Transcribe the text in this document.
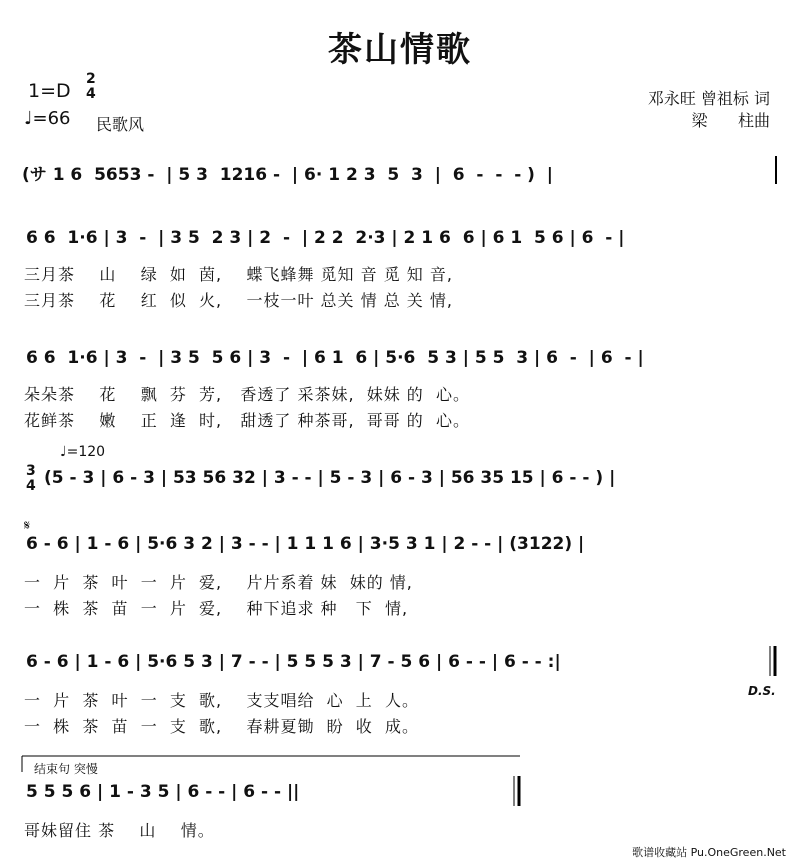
茶山情歌
1=D
2
4
♩=66 民歌风
邓永旺 曾祖标 词
梁      柱曲
(サ 1 6  5653 -  | 5 3  1216 -  | 6· 1 2 3  5  3  |  6  -  -  - )  |
6 6  1·6 | 3  -  | 3 5  2 3 | 2  -  | 2 2  2·3 | 2 1 6  6 | 6 1  5 6 | 6  - |
三月茶    山    绿  如  茵,    蝶飞蜂舞 觅知 音 觅 知 音,
三月茶    花    红  似  火,    一枝一叶 总关 情 总 关 情,
6 6  1·6 | 3  -  | 3 5  5 6 | 3  -  | 6 1  6 | 5·6  5 3 | 5 5  3 | 6  -  | 6  - |
朵朵茶    花    飘  芬  芳,   香透了 采茶妹,  妹妹 的  心。
花鲜茶    嫩    正  逢  时,   甜透了 种茶哥,  哥哥 的  心。
♩=120
3
4 (5 - 3 | 6 - 3 | 53 56 32 | 3 - - | 5 - 3 | 6 - 3 | 56 35 15 | 6 - - ) |
𝄋
6 - 6 | 1 - 6 | 5·6 3 2 | 3 - - | 1 1 1 6 | 3·5 3 1 | 2 - - | (3122) |
一  片  茶  叶  一  片  爱,    片片系着 妹  妹的 情,
一  株  茶  苗  一  片  爱,    种下追求 种   下  情,
6 - 6 | 1 - 6 | 5·6 5 3 | 7 - - | 5 5 5 3 | 7 - 5 6 | 6 - - | 6 - - :|
一  片  茶  叶  一  支  歌,    支支唱给  心  上  人。
一  株  茶  苗  一  支  歌,    春耕夏锄  盼  收  成。
D.S.
结束句 突慢
5 5 5 6 | 1 - 3 5 | 6 - - | 6 - - ||
哥妹留住 茶    山    情。
歌谱收藏站 Pu.OneGreen.Net
